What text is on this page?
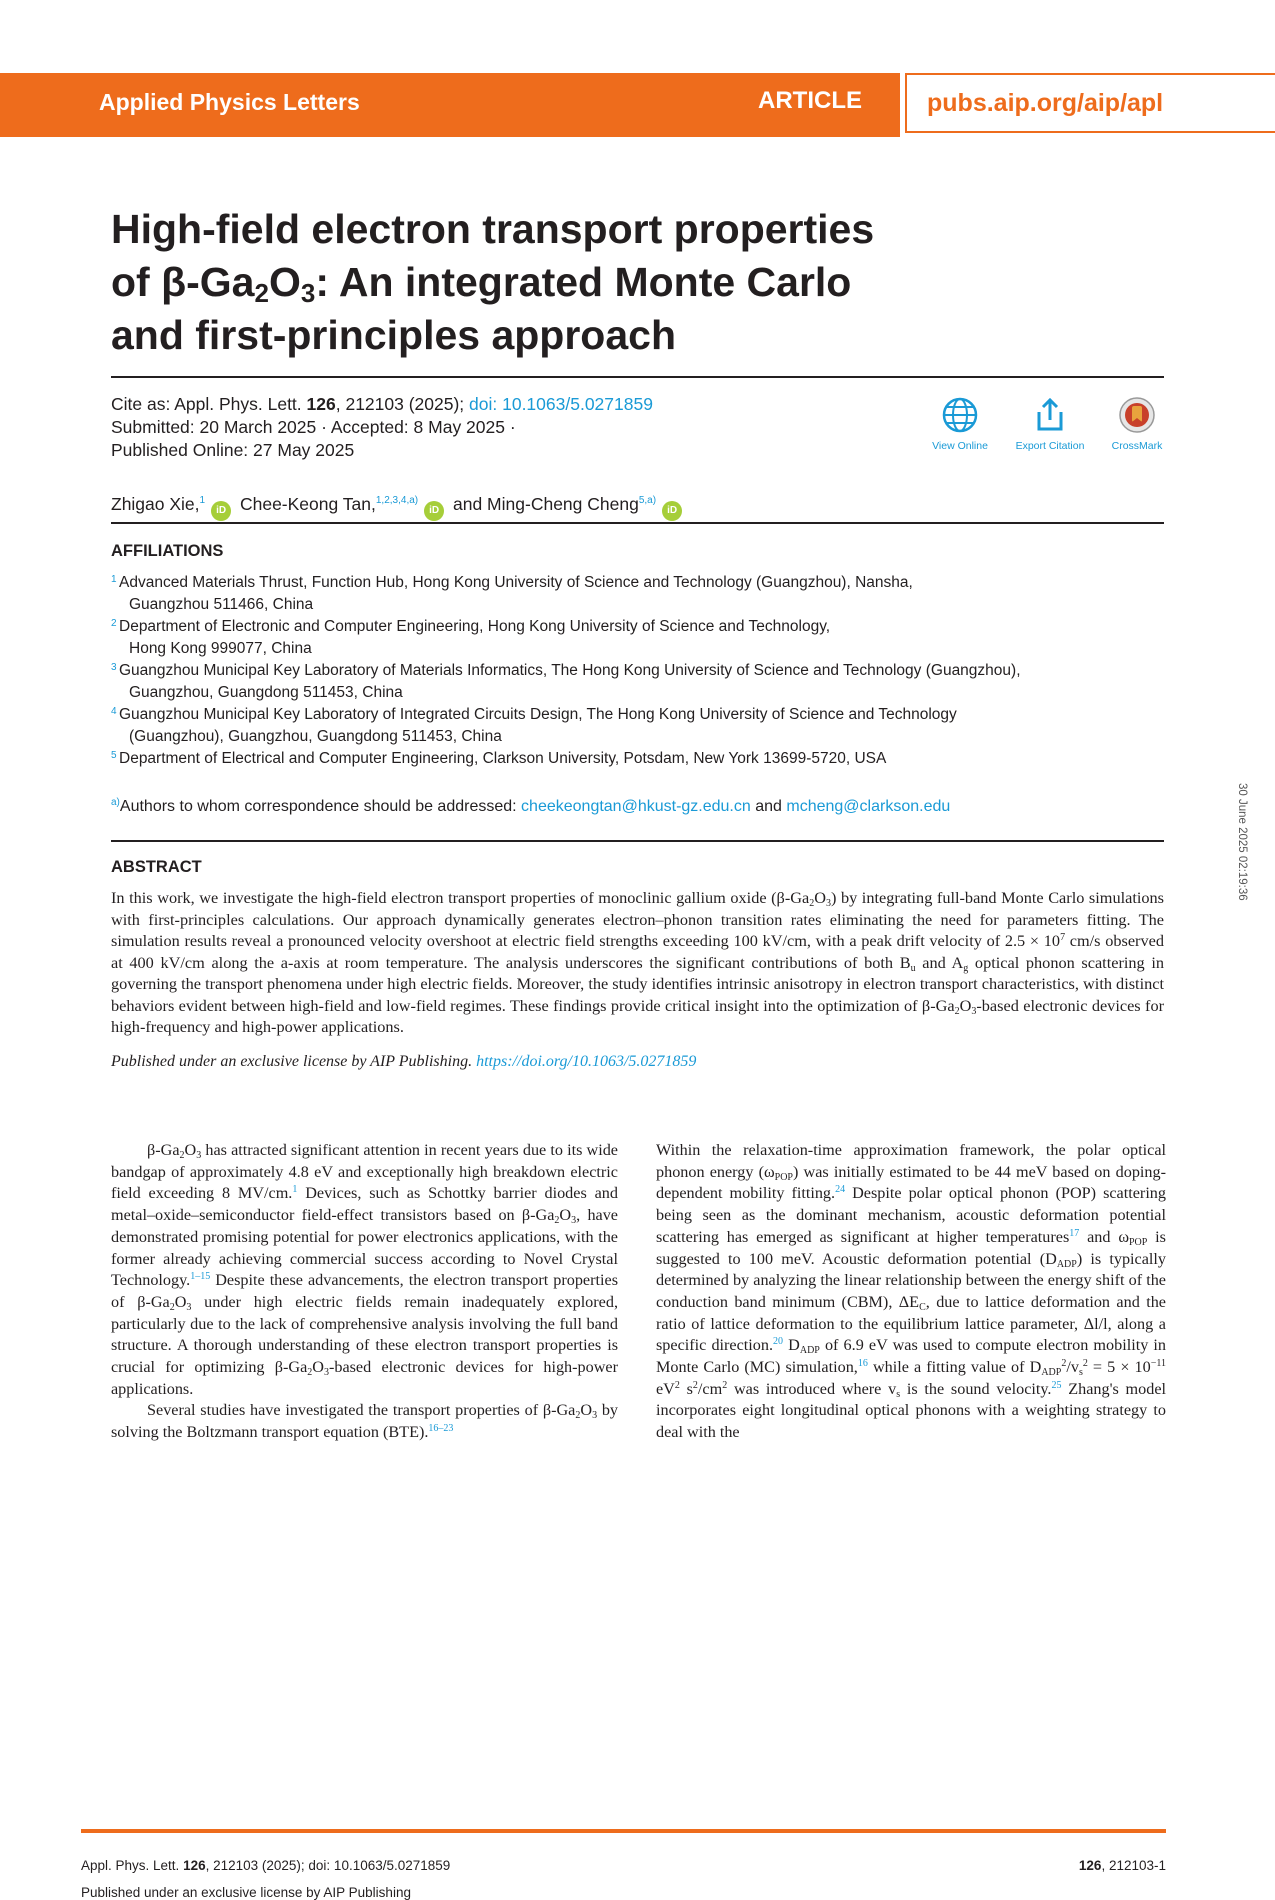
Applied Physics Letters	ARTICLE	pubs.aip.org/aip/apl
High-field electron transport properties
of $\beta-Ga_2O_3$: An integrated Monte Carlo
and first-principles approach
Cite as: Appl. Phys. Lett. 126, 212103 (2025); doi: 10.1063/5.0271859
Submitted: 20 March 2025 · Accepted: 8 May 2025 ·
Published Online: 27 May 2025	View Online	Export Citation	CrossMark
Zhigao Xie,$^1$iD Chee-Keong Tan,$^{1,2,3,4,a)}$iD and Ming-Cheng Cheng$^{5,a)}$iD
AFFILIATIONS
1 Advanced Materials Thrust, Function Hub, Hong Kong University of Science and Technology (Guangzhou), Nansha,
Guangzhou 511466, China
2 Department of Electronic and Computer Engineering, Hong Kong University of Science and Technology,
Hong Kong 999077, China
3 Guangzhou Municipal Key Laboratory of Materials Informatics, The Hong Kong University of Science and Technology (Guangzhou),
Guangzhou, Guangdong 511453, China
4 Guangzhou Municipal Key Laboratory of Integrated Circuits Design, The Hong Kong University of Science and Technology
(Guangzhou), Guangzhou, Guangdong 511453, China
5 Department of Electrical and Computer Engineering, Clarkson University, Potsdam, New York 13699-5720, USA
$^{a)}$Authors to whom correspondence should be addressed: cheekeongtan@hkust-gz.edu.cn and mcheng@clarkson.edu
ABSTRACT
In this work, we investigate the high-field electron transport properties of monoclinic gallium oxide $(\beta-Ga_2O_3)$ by integrating full-band Monte Carlo simulations with first-principles calculations. Our approach dynamically generates electron–phonon transition rates eliminating the need for parameters fitting. The simulation results reveal a pronounced velocity overshoot at electric field strengths exceeding 100 kV/cm, with a peak drift velocity of $2.5 \times 10^7$ cm/s observed at 400 kV/cm along the a-axis at room temperature. The analysis underscores the significant contributions of both $B_u$ and $A_g$ optical phonon scattering in governing the transport phenomena under high electric fields. Moreover, the study identifies intrinsic anisotropy in electron transport characteristics, with distinct behaviors evident between high-field and low-field regimes. These findings provide critical insight into the optimization of $\beta-Ga_2O_3$-based electronic devices for high-frequency and high-power applications.
Published under an exclusive license by AIP Publishing. https://doi.org/10.1063/5.0271859
30 June 2025 02:19:36

$\beta-Ga_2O_3$ has attracted significant attention in recent years due to its wide bandgap of approximately 4.8 eV and exceptionally high breakdown electric field exceeding 8 MV/cm.$^1$ Devices, such as Schottky barrier diodes and metal–oxide–semiconductor field-effect transistors based on $\beta-Ga_2O_3$, have demonstrated promising potential for power electronics applications, with the former already achieving commercial success according to Novel Crystal Technology.$^{1-15}$ Despite these advancements, the electron transport properties of $\beta-Ga_2O_3$ under high electric fields remain inadequately explored, particularly due to the lack of comprehensive analysis involving the full band structure. A thorough understanding of these electron transport properties is crucial for optimizing $\beta-Ga_2O_3$-based electronic devices for high-power applications.

Several studies have investigated the transport properties of $\beta-Ga_2O_3$ by solving the Boltzmann transport equation (BTE).$^{16-23}$

Within the relaxation-time approximation framework, the polar optical phonon energy $(\omega_{POP})$ was initially estimated to be 44 meV based on doping-dependent mobility fitting.$^{24}$ Despite polar optical phonon (POP) scattering being seen as the dominant mechanism, acoustic deformation potential scattering has emerged as significant at higher temperatures$^{17}$ and $\omega_{POP}$ is suggested to 100 meV. Acoustic deformation potential $(D_{ADP})$ is typically determined by analyzing the linear relationship between the energy shift of the conduction band minimum (CBM), $\Delta E_C$, due to lattice deformation and the ratio of lattice deformation to the equilibrium lattice parameter, Δl/l, along a specific direction.$^{20}$ $D_{ADP}$ of 6.9 eV was used to compute electron mobility in Monte Carlo (MC) simulation,$^{16}$ while a fitting value of $D_{ADP}^2/v_s^2 = 5 \times 10^{-11}$ $eV^2$ $s^2/cm^2$ was introduced where $v_s$ is the sound velocity.$^{25}$ Zhang's model incorporates eight longitudinal optical phonons with a weighting strategy to deal with the

Appl. Phys. Lett. 126, 212103 (2025); doi: 10.1063/5.0271859
Published under an exclusive license by AIP Publishing
126, 212103-1
